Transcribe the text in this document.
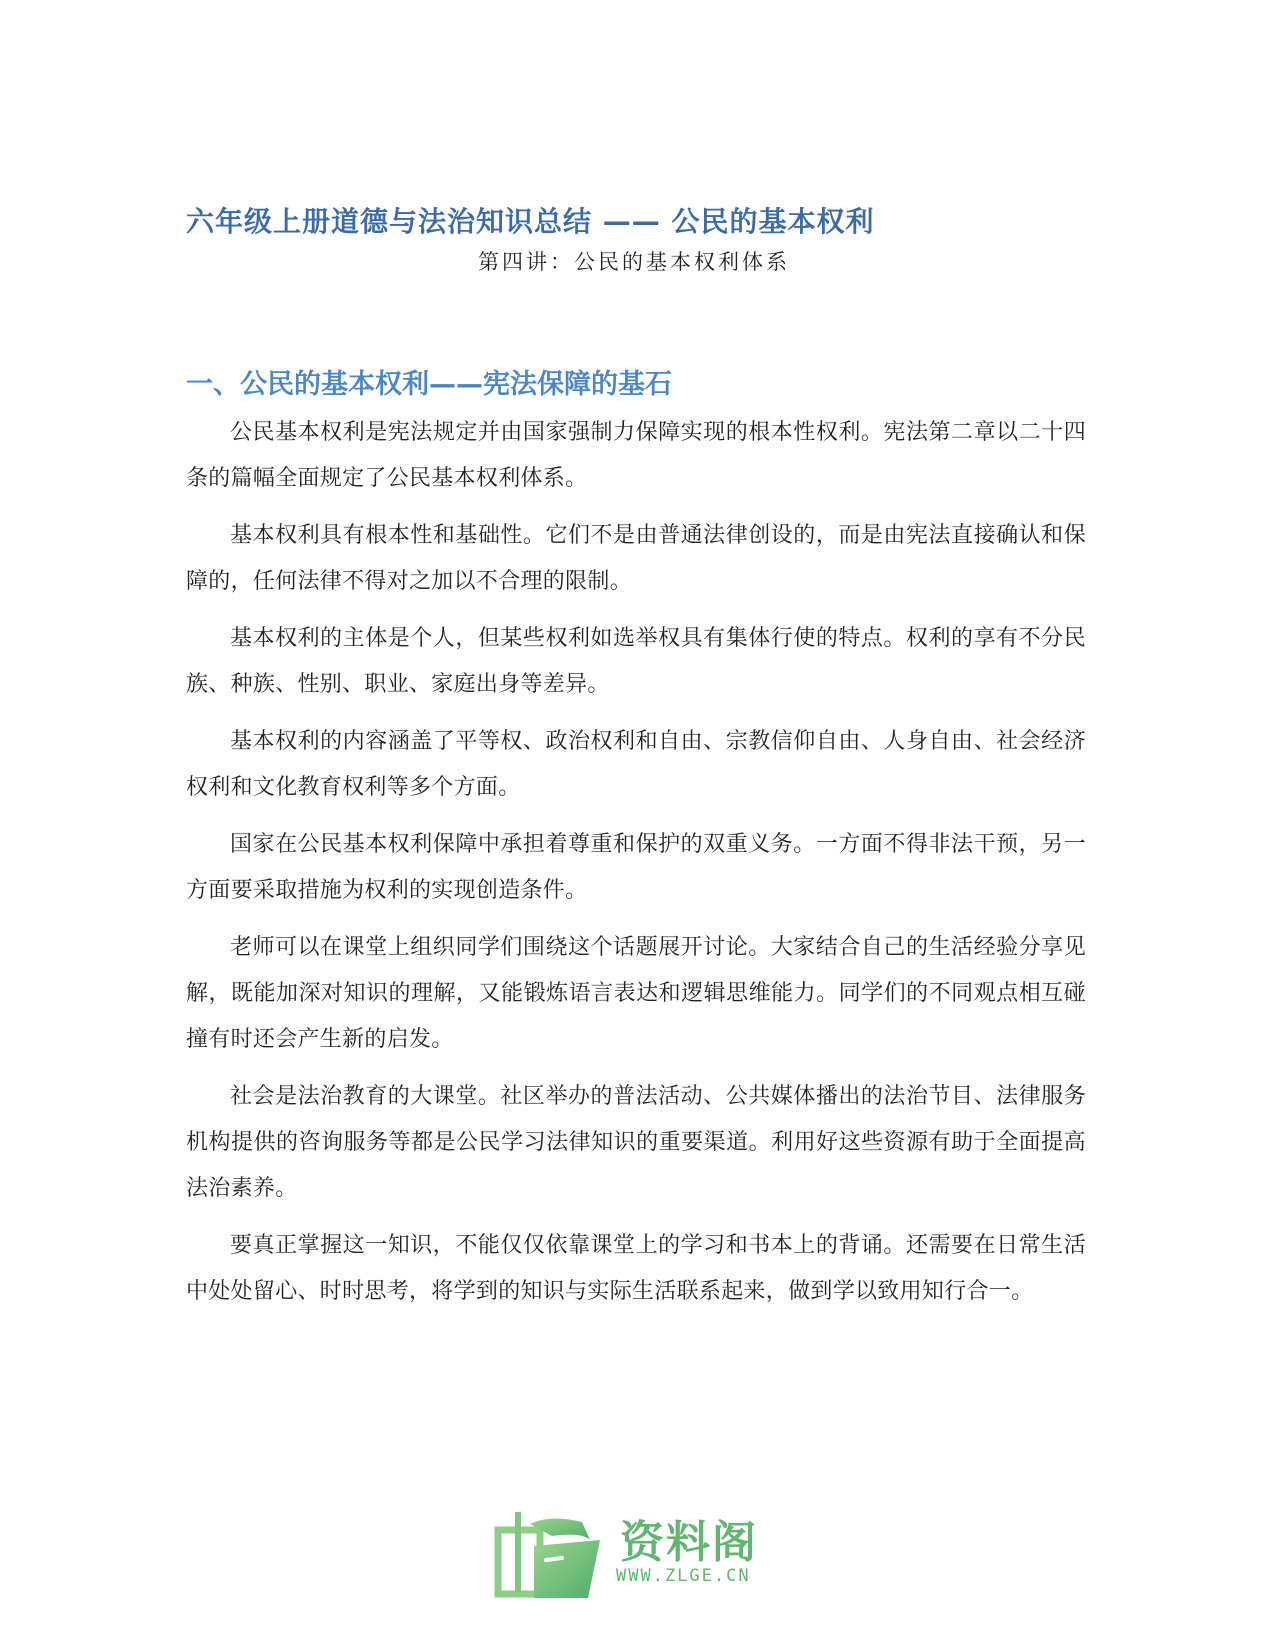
六年级上册道德与法治知识总结 —— 公民的基本权利
第四讲：公民的基本权利体系
一、公民的基本权利——宪法保障的基石

公民基本权利是宪法规定并由国家强制力保障实现的根本性权利。宪法第二章以二十四条的篇幅全面规定了公民基本权利体系。

基本权利具有根本性和基础性。它们不是由普通法律创设的，而是由宪法直接确认和保障的，任何法律不得对之加以不合理的限制。

基本权利的主体是个人，但某些权利如选举权具有集体行使的特点。权利的享有不分民族、种族、性别、职业、家庭出身等差异。

基本权利的内容涵盖了平等权、政治权利和自由、宗教信仰自由、人身自由、社会经济权利和文化教育权利等多个方面。

国家在公民基本权利保障中承担着尊重和保护的双重义务。一方面不得非法干预，另一方面要采取措施为权利的实现创造条件。

老师可以在课堂上组织同学们围绕这个话题展开讨论。大家结合自己的生活经验分享见解，既能加深对知识的理解，又能锻炼语言表达和逻辑思维能力。同学们的不同观点相互碰撞有时还会产生新的启发。

社会是法治教育的大课堂。社区举办的普法活动、公共媒体播出的法治节目、法律服务机构提供的咨询服务等都是公民学习法律知识的重要渠道。利用好这些资源有助于全面提高法治素养。

要真正掌握这一知识，不能仅仅依靠课堂上的学习和书本上的背诵。还需要在日常生活中处处留心、时时思考，将学到的知识与实际生活联系起来，做到学以致用知行合一。

资料阁
WWW.ZLGE.CN
